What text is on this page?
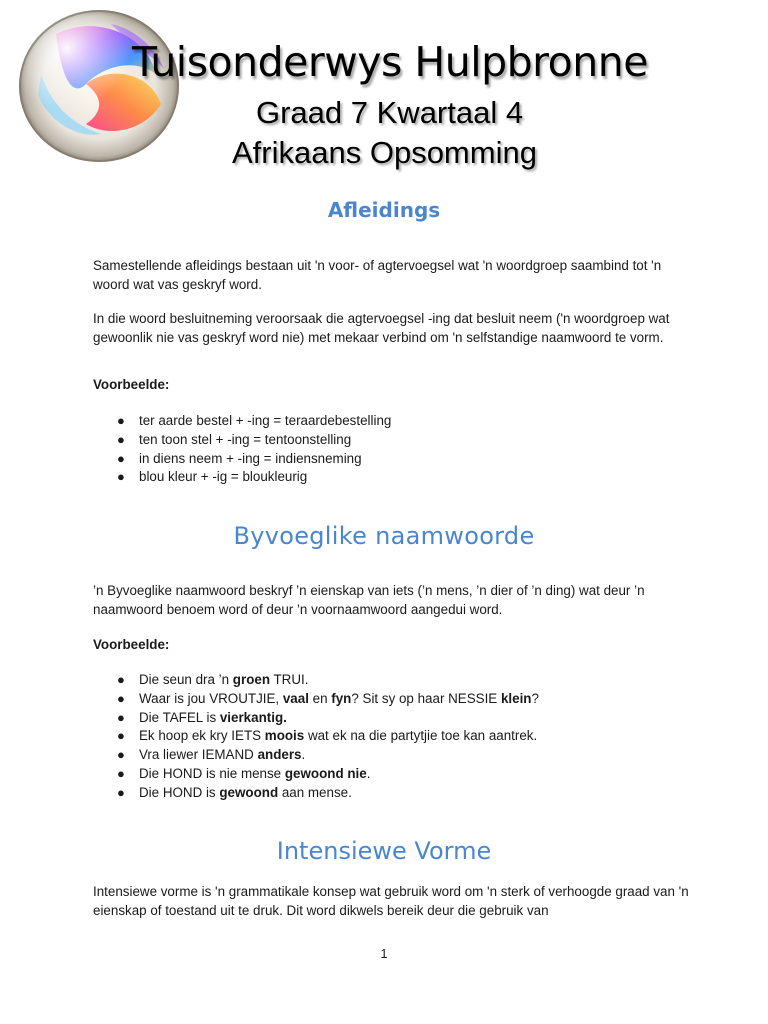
Tuisonderwys Hulpbronne
Graad 7 Kwartaal 4
Afrikaans Opsomming
Afleidings

Samestellende afleidings bestaan uit 'n voor- of agtervoegsel wat 'n woordgroep saambind tot 'n woord wat vas geskryf word.

In die woord besluitneming veroorsaak die agtervoegsel -ing dat besluit neem ('n woordgroep wat gewoonlik nie vas geskryf word nie) met mekaar verbind om 'n selfstandige naamwoord te vorm.

Voorbeelde:

● ter aarde bestel + -ing = teraardebestelling
● ten toon stel + -ing = tentoonstelling
● in diens neem + -ing = indiensneming
● blou kleur + -ig = bloukleurig
Byvoeglike naamwoorde

’n Byvoeglike naamwoord beskryf ’n eienskap van iets (’n mens, ’n dier of ’n ding) wat deur ’n naamwoord benoem word of deur ’n voornaamwoord aangedui word.

Voorbeelde:

● Die seun dra ’n groen TRUI.
● Waar is jou VROUTJIE, vaal en fyn? Sit sy op haar NESSIE klein?
● Die TAFEL is vierkantig.
● Ek hoop ek kry IETS moois wat ek na die partytjie toe kan aantrek.
● Vra liewer IEMAND anders.
● Die HOND is nie mense gewoond nie.
● Die HOND is gewoond aan mense.
Intensiewe Vorme

Intensiewe vorme is 'n grammatikale konsep wat gebruik word om 'n sterk of verhoogde graad van 'n eienskap of toestand uit te druk. Dit word dikwels bereik deur die gebruik van

1
